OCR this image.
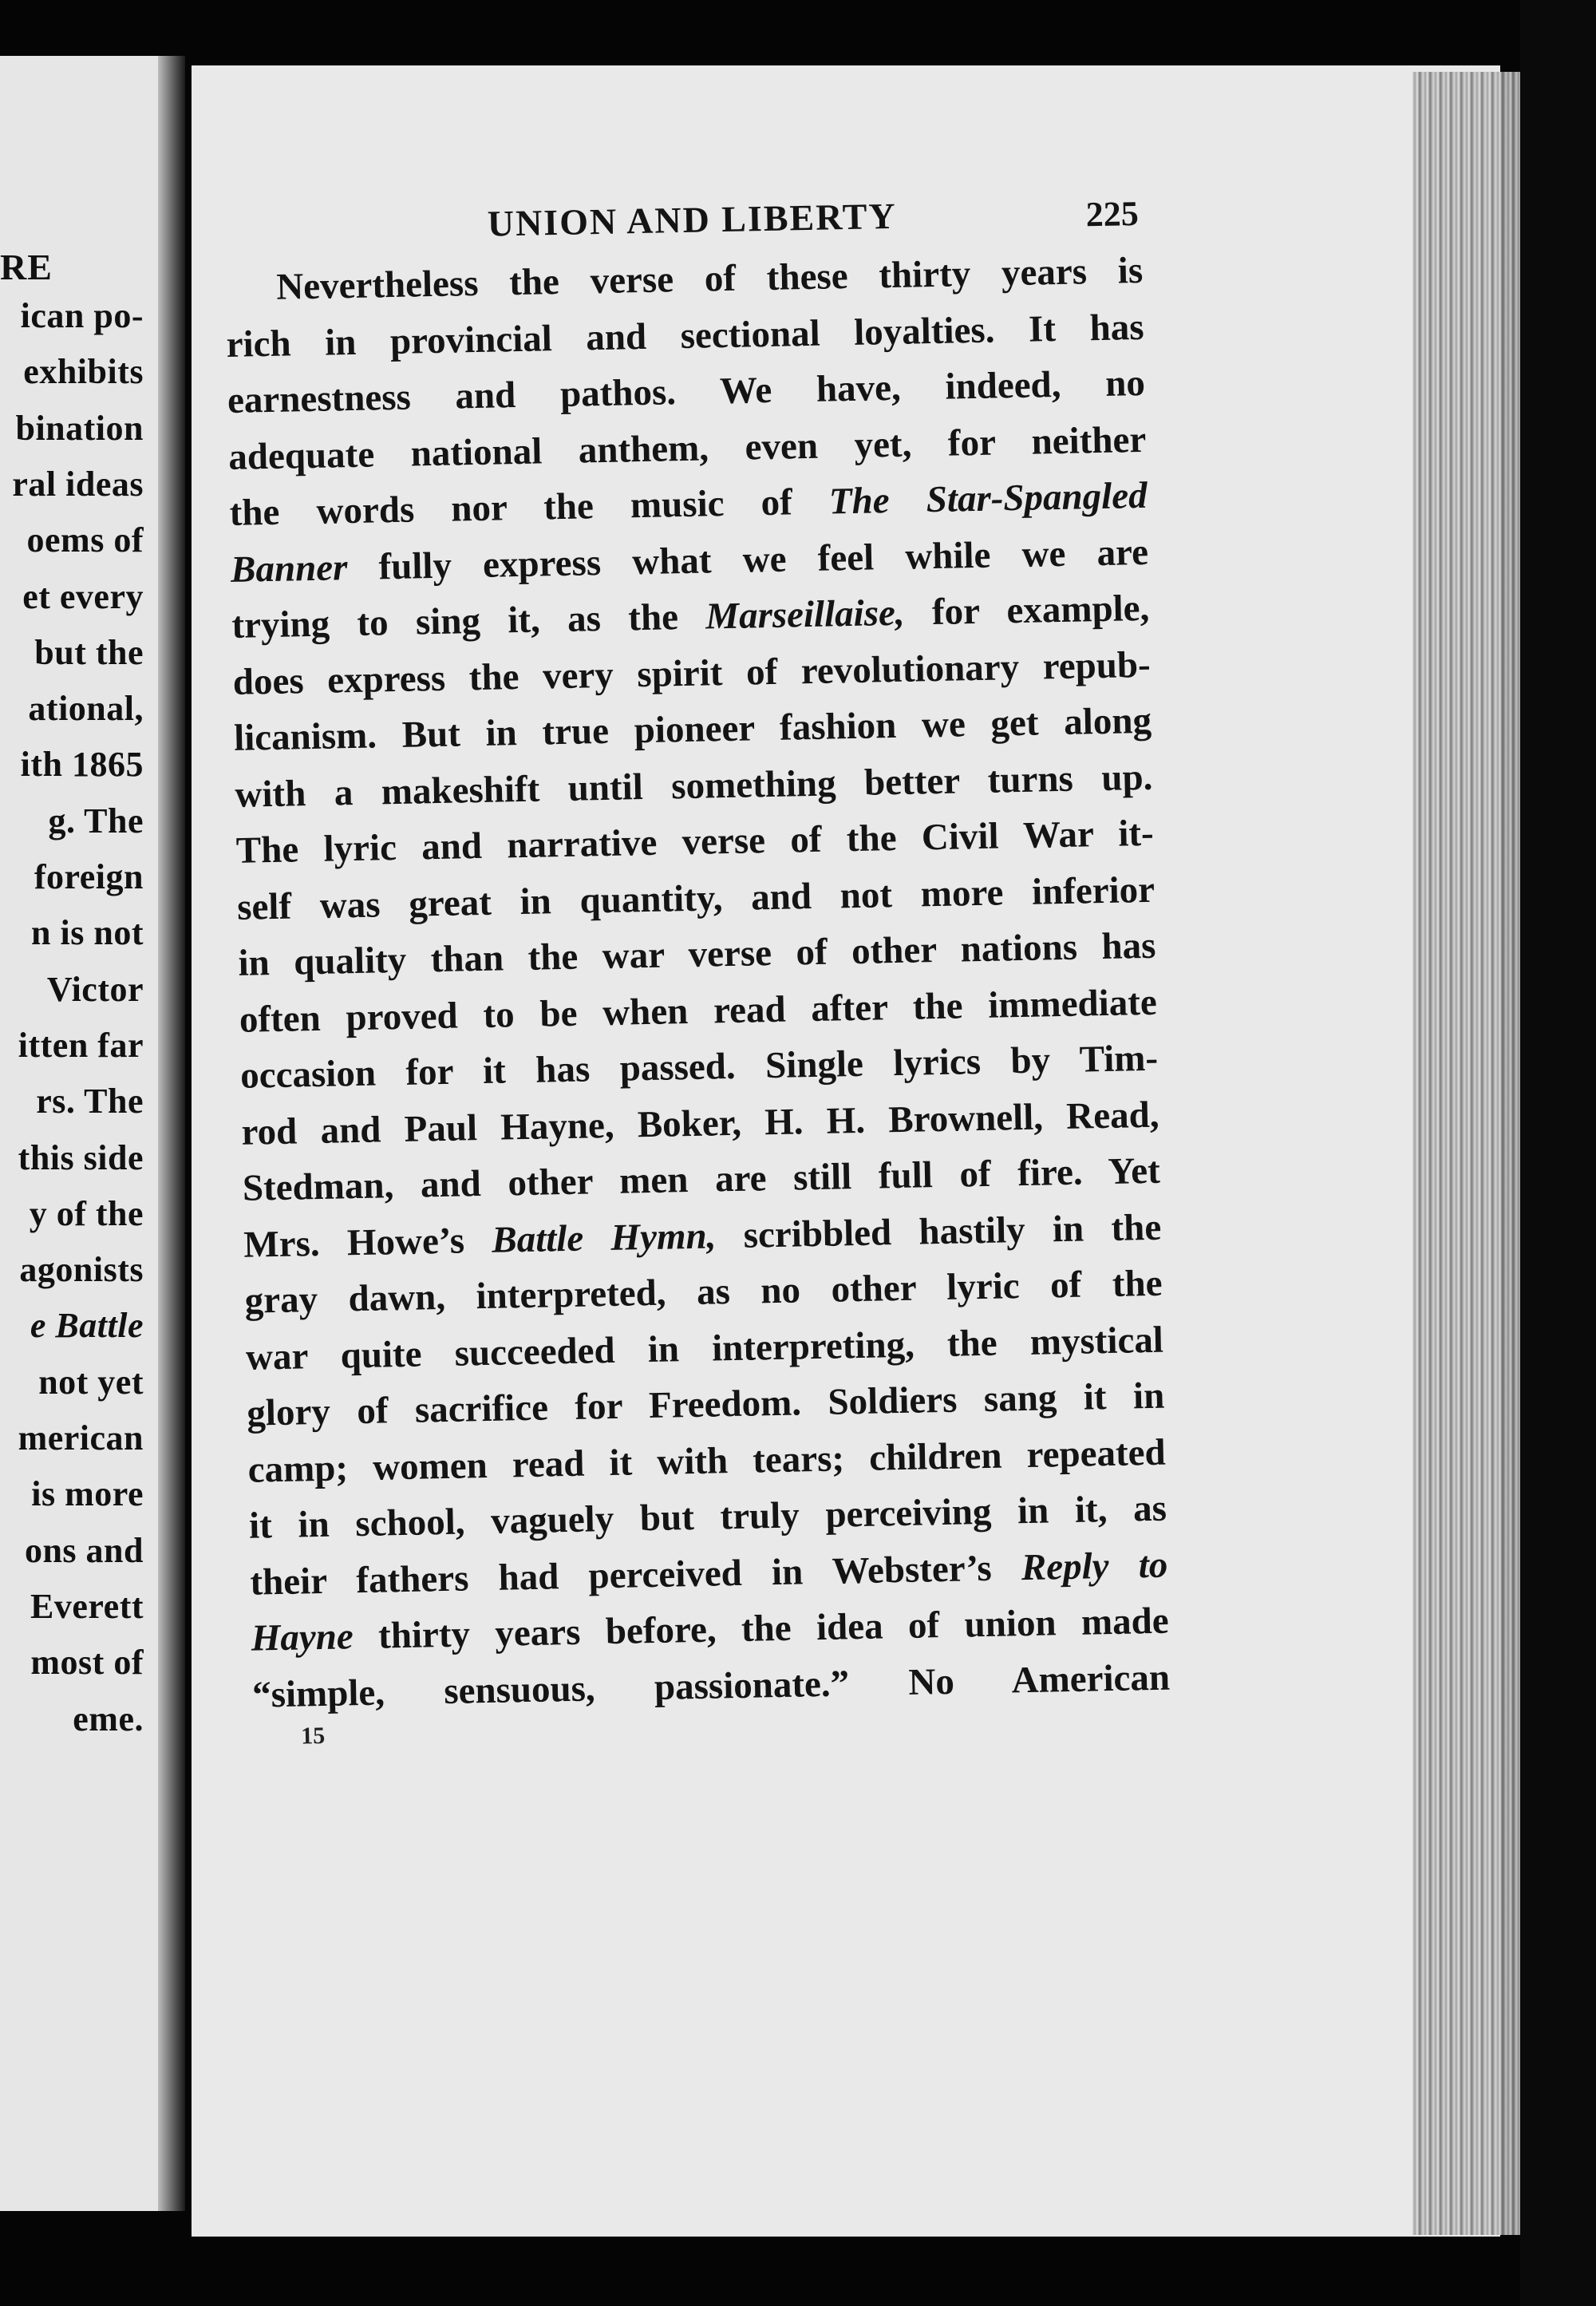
RE
ican po-
exhibits
bination
ral ideas
oems of
et every
but the
ational,
ith 1865
g. The
foreign
n is not
Victor
itten far
rs. The
this side
y of the
agonists
e Battle
not yet
merican
is more
ons and
Everett
most of
eme.
UNION AND LIBERTY	225
Nevertheless the verse of these thirty years is
rich in provincial and sectional loyalties. It has
earnestness and pathos. We have, indeed, no
adequate national anthem, even yet, for neither
the words nor the music of The Star-Spangled
Banner fully express what we feel while we are
trying to sing it, as the Marseillaise, for example,
does express the very spirit of revolutionary repub-
licanism. But in true pioneer fashion we get along
with a makeshift until something better turns up.
The lyric and narrative verse of the Civil War it-
self was great in quantity, and not more inferior
in quality than the war verse of other nations has
often proved to be when read after the immediate
occasion for it has passed. Single lyrics by Tim-
rod and Paul Hayne, Boker, H. H. Brownell, Read,
Stedman, and other men are still full of fire. Yet
Mrs. Howe’s Battle Hymn, scribbled hastily in the
gray dawn, interpreted, as no other lyric of the
war quite succeeded in interpreting, the mystical
glory of sacrifice for Freedom. Soldiers sang it in
camp; women read it with tears; children repeated
it in school, vaguely but truly perceiving in it, as
their fathers had perceived in Webster’s Reply to
Hayne thirty years before, the idea of union made
“simple, sensuous, passionate.” No American
15
